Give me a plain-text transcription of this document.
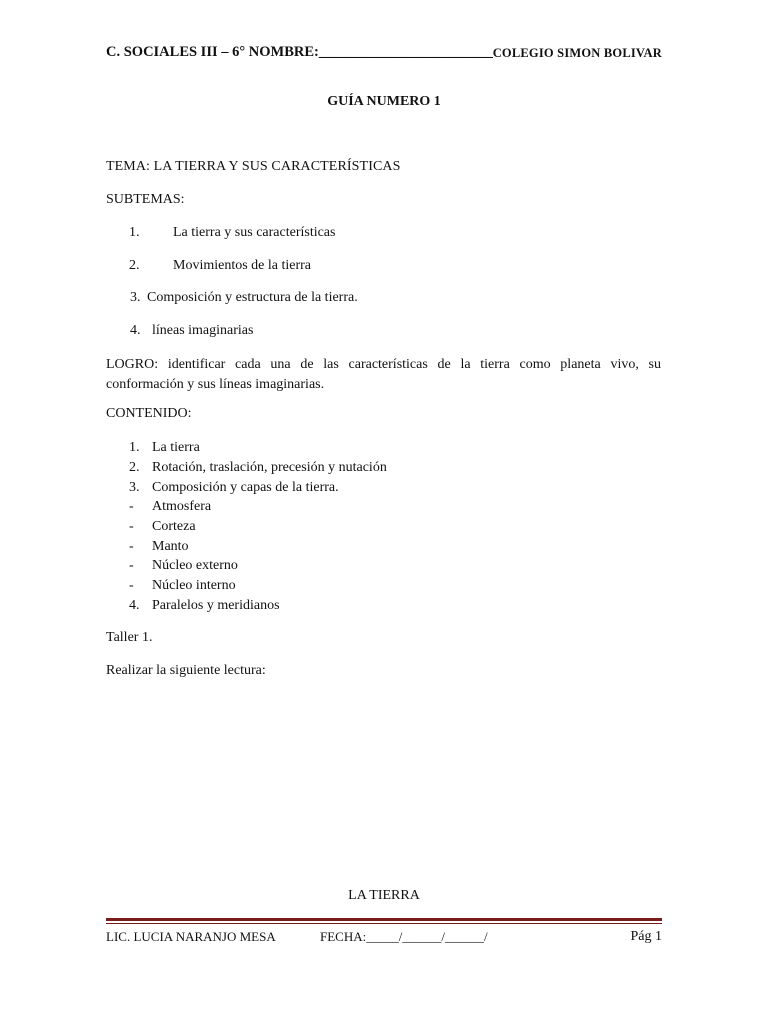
C. SOCIALES III – 6° NOMBRE:________________________ COLEGIO SIMON BOLIVAR
GUÍA NUMERO 1
TEMA: LA TIERRA Y SUS CARACTERÍSTICAS
SUBTEMAS:
1. La tierra y sus características
2. Movimientos de la tierra
3. Composición y estructura de la tierra.
4. líneas imaginarias
LOGRO: identificar cada una de las características de la tierra como planeta vivo, su conformación y sus líneas imaginarias.
CONTENIDO:
1. La tierra
2. Rotación, traslación, precesión y nutación
3. Composición y capas de la tierra.
- Atmosfera
- Corteza
- Manto
- Núcleo externo
- Núcleo interno
4. Paralelos y meridianos
Taller 1.
Realizar la siguiente lectura:
LA TIERRA
LIC. LUCIA NARANJO MESA	FECHA:_____/______/______/	Pág 1
